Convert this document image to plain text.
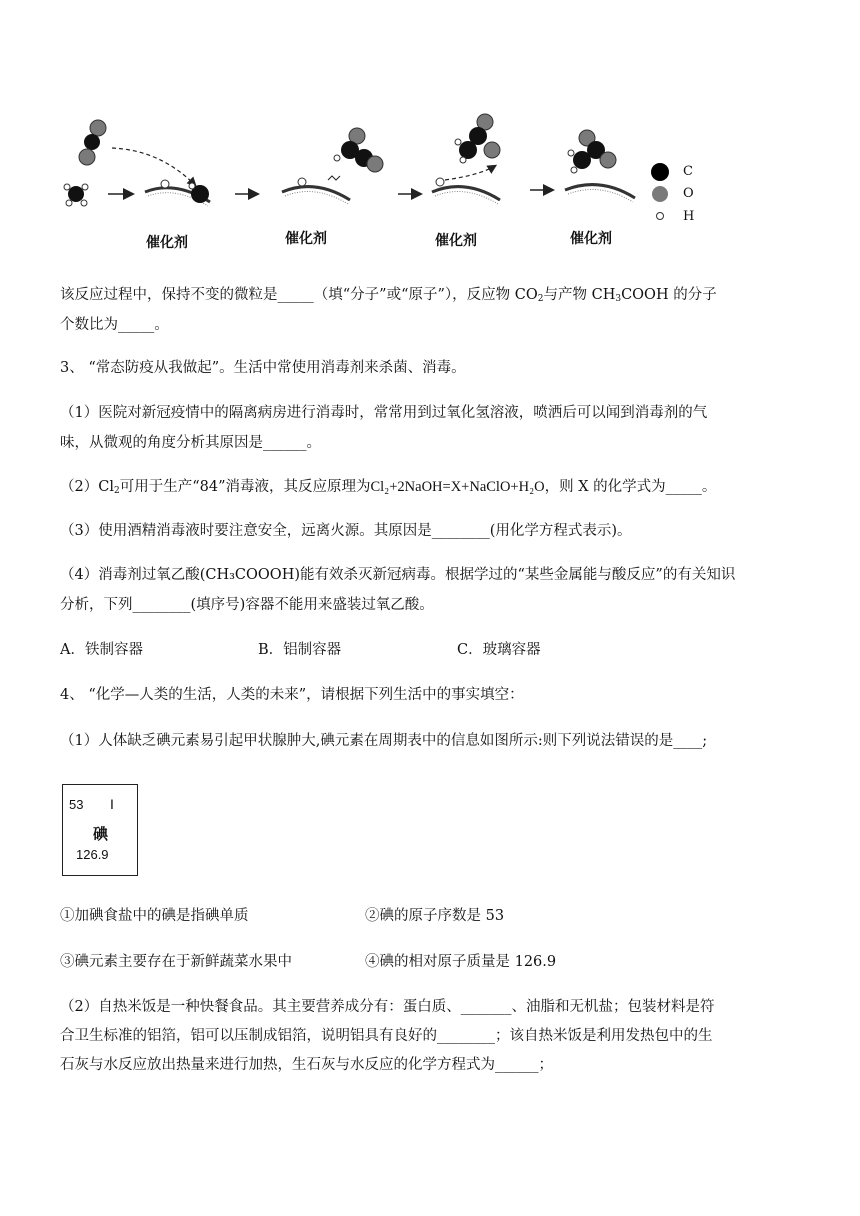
催化剂	催化剂	催化剂	催化剂
C
O
H
该反应过程中，保持不变的微粒是_____（填“分子”或“原子”），反应物 $CO_2$与产物 $CH_3COOH$ 的分子
个数比为_____。
3、 “常态防疫从我做起”。生活中常使用消毒剂来杀菌、消毒。
（1）医院对新冠疫情中的隔离病房进行消毒时，常常用到过氧化氢溶液，喷洒后可以闻到消毒剂的气
味，从微观的角度分析其原因是______。
$(2)Cl_2$可用于生产“84”消毒液，其反应原理为Cl₂+2NaOH=X+NaClO+H₂O，则 X 的化学式为_____。
（3）使用酒精消毒液时要注意安全，远离火源。其原因是________(用化学方程式表示)。
（4）消毒剂过氧乙酸(CH₃COOOH)能有效杀灭新冠病毒。根据学过的“某些金属能与酸反应”的有关知识
分析，下列________(填序号)容器不能用来盛装过氧乙酸。
A．铁制容器	B．铝制容器	C．玻璃容器
4、 “化学—人类的生活，人类的未来”，请根据下列生活中的事实填空：
（1）人体缺乏碘元素易引起甲状腺肿大,碘元素在周期表中的信息如图所示:则下列说法错误的是____;
53 I
碘
126.9
①加碘食盐中的碘是指碘单质	②碘的原子序数是 53
③碘元素主要存在于新鲜蔬菜水果中	④碘的相对原子质量是 126.9
（2）自热米饭是一种快餐食品。其主要营养成分有：蛋白质、_______、油脂和无机盐；包装材料是符
合卫生标准的铝箔，铝可以压制成铝箔，说明铝具有良好的________；该自热米饭是利用发热包中的生
石灰与水反应放出热量来进行加热，生石灰与水反应的化学方程式为______；
